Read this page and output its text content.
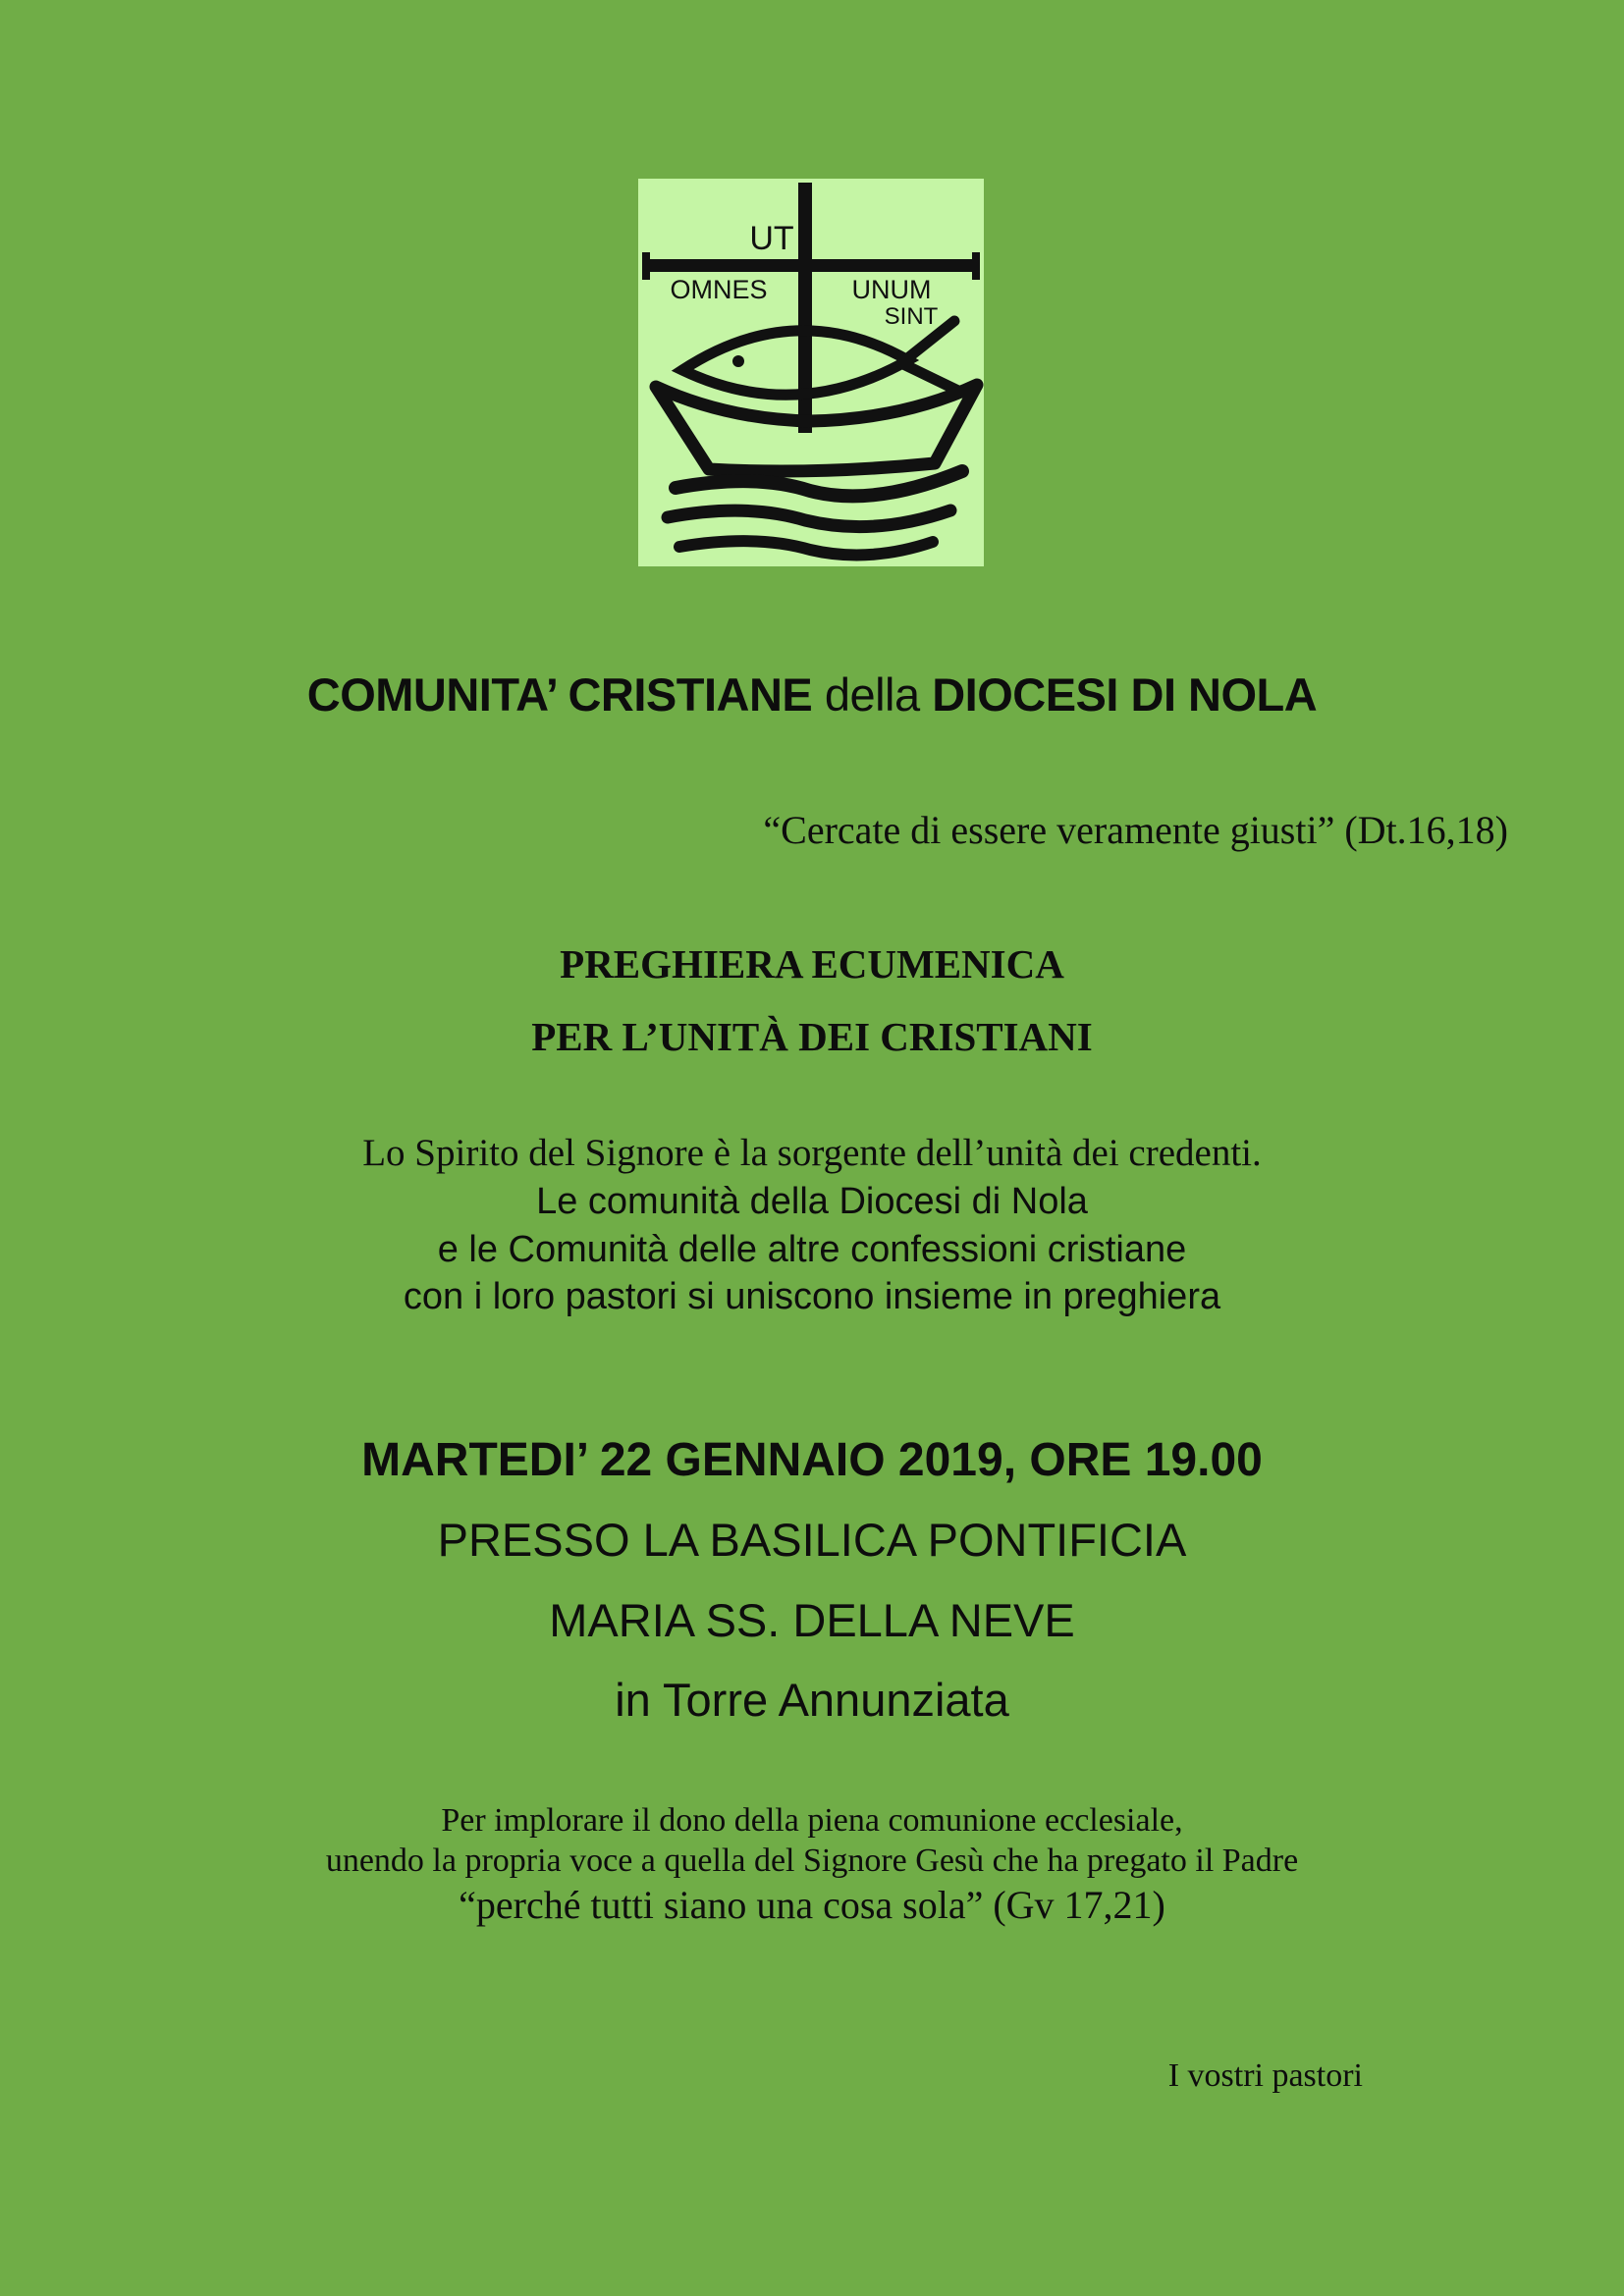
UT
OMNES	UNUM
SINT
COMUNITA’ CRISTIANE della DIOCESI DI NOLA
“Cercate di essere veramente giusti” (Dt.16,18)
PREGHIERA ECUMENICA
PER L’UNITÀ DEI CRISTIANI
Lo Spirito del Signore è la sorgente dell’unità dei credenti.
Le comunità della Diocesi di Nola
e le Comunità delle altre confessioni cristiane
con i loro pastori si uniscono insieme in preghiera
MARTEDI’ 22 GENNAIO 2019, ORE 19.00
PRESSO LA BASILICA PONTIFICIA
MARIA SS. DELLA NEVE
in Torre Annunziata
Per implorare il dono della piena comunione ecclesiale,
unendo la propria voce a quella del Signore Gesù che ha pregato il Padre
“perché tutti siano una cosa sola” (Gv 17,21)
I vostri pastori
